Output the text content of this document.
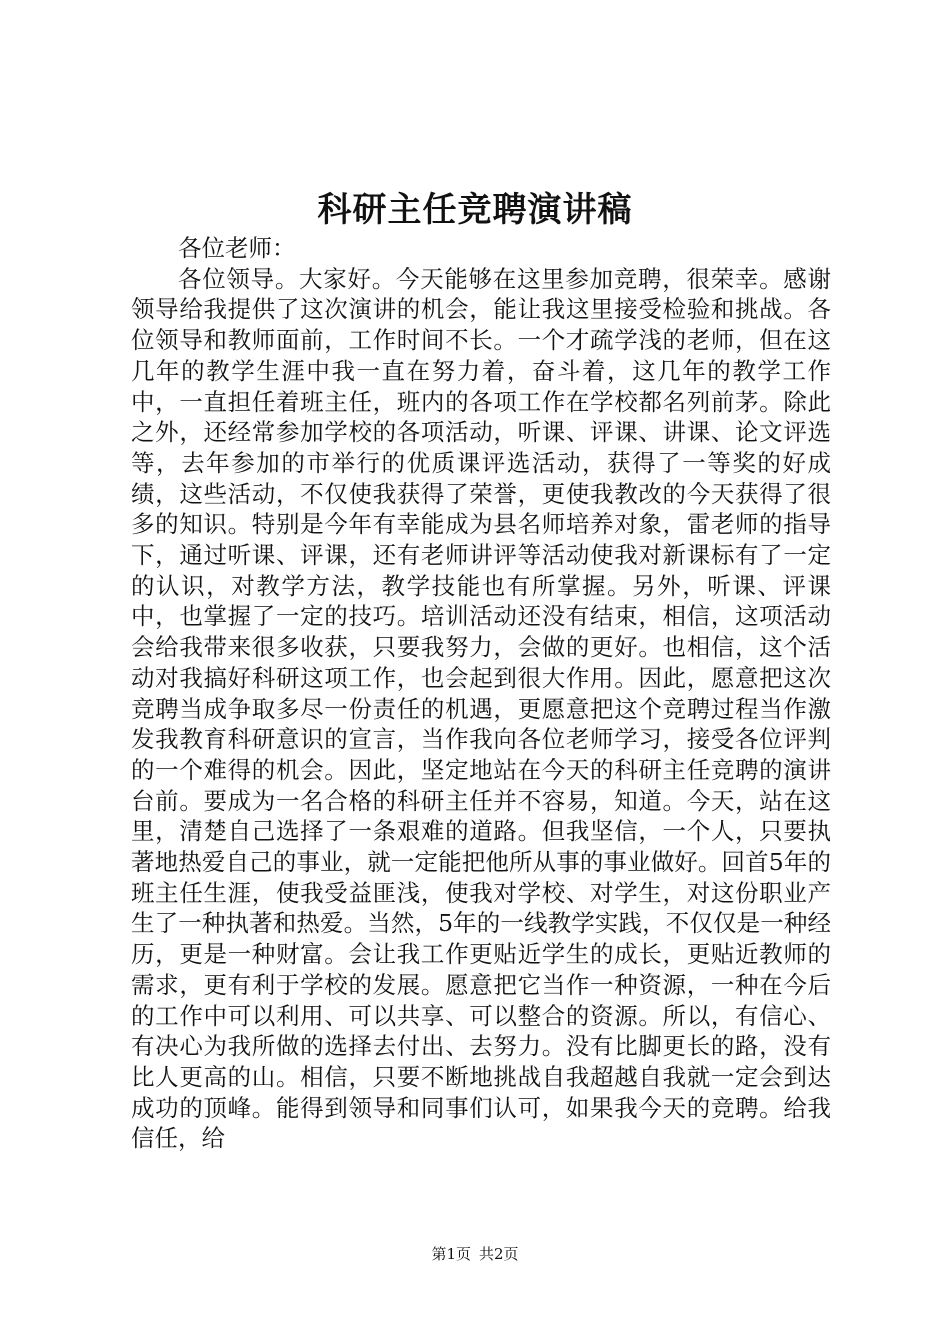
科研主任竞聘演讲稿

各位老师：

各位领导。大家好。今天能够在这里参加竞聘，很荣幸。感谢领导给我提供了这次演讲的机会，能让我这里接受检验和挑战。各位领导和教师面前，工作时间不长。一个才疏学浅的老师，但在这几年的教学生涯中我一直在努力着，奋斗着，这几年的教学工作中，一直担任着班主任，班内的各项工作在学校都名列前茅。除此之外，还经常参加学校的各项活动，听课、评课、讲课、论文评选等，去年参加的市举行的优质课评选活动，获得了一等奖的好成绩，这些活动，不仅使我获得了荣誉，更使我教改的今天获得了很多的知识。特别是今年有幸能成为县名师培养对象，雷老师的指导下，通过听课、评课，还有老师讲评等活动使我对新课标有了一定的认识，对教学方法，教学技能也有所掌握。另外，听课、评课中，也掌握了一定的技巧。培训活动还没有结束，相信，这项活动会给我带来很多收获，只要我努力，会做的更好。也相信，这个活动对我搞好科研这项工作，也会起到很大作用。因此，愿意把这次竞聘当成争取多尽一份责任的机遇，更愿意把这个竞聘过程当作激发我教育科研意识的宣言，当作我向各位老师学习，接受各位评判的一个难得的机会。因此，坚定地站在今天的科研主任竞聘的演讲台前。要成为一名合格的科研主任并不容易，知道。今天，站在这里，清楚自己选择了一条艰难的道路。但我坚信，一个人，只要执著地热爱自己的事业，就一定能把他所从事的事业做好。回首5年的班主任生涯，使我受益匪浅，使我对学校、对学生，对这份职业产生了一种执著和热爱。当然，5年的一线教学实践，不仅仅是一种经历，更是一种财富。会让我工作更贴近学生的成长，更贴近教师的需求，更有利于学校的发展。愿意把它当作一种资源，一种在今后的工作中可以利用、可以共享、可以整合的资源。所以，有信心、有决心为我所做的选择去付出、去努力。没有比脚更长的路，没有比人更高的山。相信，只要不断地挑战自我超越自我就一定会到达成功的顶峰。能得到领导和同事们认可，如果我今天的竞聘。给我信任，给

第1页 共2页
